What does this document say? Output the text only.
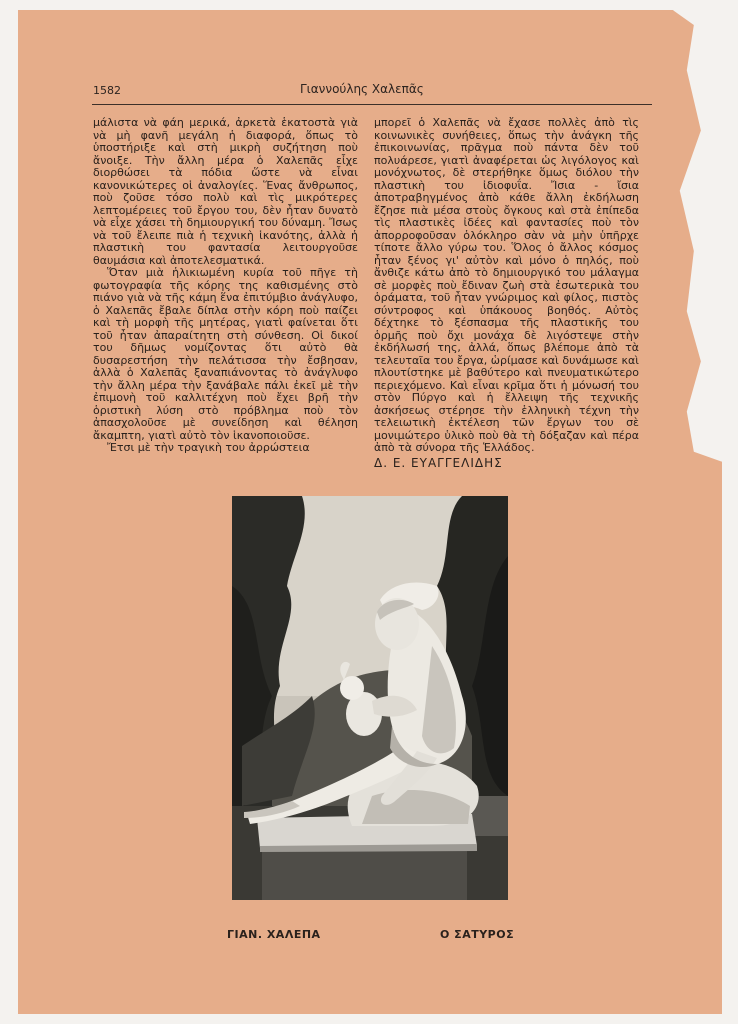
1582	Γιαννούλης Χαλεπᾶς

μάλιστα νὰ φάη μερικά, ἀρκετὰ ἑκατοστὰ γιὰ νὰ μὴ φανῆ μεγάλη ἡ διαφορά, ὅπως τὸ ὑποστήριξε καὶ στὴ μικρὴ συζήτηση ποὺ ἄνοιξε. Τὴν ἄλλη μέρα ὁ Χαλεπᾶς εἶχε διορθώσει τὰ πόδια ὥστε νὰ εἶναι κανονικώτερες οἱ ἀναλογίες. Ἕνας ἄνθρωπος, ποὺ ζοῦσε τόσο πολὺ καὶ τὶς μικρότερες λεπτομέρειες τοῦ ἔργου του, δὲν ἦταν δυνατὸ νὰ εἶχε χάσει τὴ δημιουργική του δύναμη. Ἴσως νὰ τοῦ ἔλειπε πιὰ ἡ τεχνικὴ ἱκανότης, ἀλλὰ ἡ πλαστικὴ του φαντασία λειτουργοῦσε θαυμάσια καὶ ἀποτελεσματικά.

Ὅταν μιὰ ἡλικιωμένη κυρία τοῦ πῆγε τὴ φωτογραφία τῆς κόρης της καθισμένης στὸ πιάνο γιὰ νὰ τῆς κάμη ἕνα ἐπιτύμβιο ἀνάγλυφο, ὁ Χαλεπᾶς ἔβαλε δίπλα στὴν κόρη ποὺ παίζει καὶ τὴ μορφὴ τῆς μητέρας, γιατὶ φαίνεται ὅτι τοῦ ἦταν ἀπαραίτητη στὴ σύνθεση. Οἱ δικοί του δῆμως νομίζοντας ὅτι αὐτὸ θὰ δυσαρεστήση τὴν πελάτισσα τὴν ἔσβησαν, ἀλλὰ ὁ Χαλεπᾶς ξαναπιάνοντας τὸ ἀνάγλυφο τὴν ἄλλη μέρα τὴν ξανάβαλε πάλι ἐκεῖ μὲ τὴν ἐπιμονὴ τοῦ καλλιτέχνη ποὺ ἔχει βρῆ τὴν ὁριστικὴ λύση στὸ πρόβλημα ποὺ τὸν ἀπασχολοῦσε μὲ συνείδηση καὶ θέληση ἄκαμπτη, γιατὶ αὐτὸ τὸν ἱκανοποιοῦσε.

Ἔτσι μὲ τὴν τραγικὴ του ἀρρώστεια

μπορεῖ ὁ Χαλεπᾶς νὰ ἔχασε πολλὲς ἀπὸ τὶς κοινωνικὲς συνήθειες, ὅπως τὴν ἀνάγκη τῆς ἐπικοινωνίας, πρᾶγμα ποὺ πάντα δὲν τοῦ πολυάρεσε, γιατὶ ἀναφέρεται ὡς λιγόλογος καὶ μονόχνωτος, δὲ στερήθηκε ὅμως διόλου τὴν πλαστικὴ του ἰδιοφυΐα. Ἴσια - ἴσια ἀποτραβηγμένος ἀπὸ κάθε ἄλλη ἐκδήλωση ἔζησε πιὰ μέσα στοὺς ὄγκους καὶ στὰ ἐπίπεδα τὶς πλαστικὲς ἰδέες καὶ φαντασίες ποὺ τὸν ἀπορροφοῦσαν ὁλόκληρο σὰν νὰ μὴν ὑπῆρχε τίποτε ἄλλο γύρω του. Ὅλος ὁ ἄλλος κόσμος ἦταν ξένος γι' αὐτὸν καὶ μόνο ὁ πηλός, ποὺ ἄνθιζε κάτω ἀπὸ τὸ δημιουργικό του μάλαγμα σὲ μορφὲς ποὺ ἔδιναν ζωὴ στὰ ἐσωτερικὰ του ὁράματα, τοῦ ἦταν γνώριμος καὶ φίλος, πιστὸς σύντροφος καὶ ὑπάκουος βοηθός. Αὐτὸς δέχτηκε τὸ ξέσπασμα τῆς πλαστικῆς του ὁρμῆς ποὺ ὄχι μονάχα δὲ λιγόστεψε στὴν ἐκδήλωσή της, ἀλλά, ὅπως βλέπομε ἀπὸ τὰ τελευταῖα του ἔργα, ὡρίμασε καὶ δυνάμωσε καὶ πλουτίστηκε μὲ βαθύτερο καὶ πνευματικώτερο περιεχόμενο. Καὶ εἶναι κρῖμα ὅτι ἡ μόνωσή του στὸν Πύργο καὶ ἡ ἔλλειψη τῆς τεχνικῆς ἀσκήσεως στέρησε τὴν ἑλληνικὴ τέχνη τὴν τελειωτικὴ ἐκτέλεση τῶν ἔργων του σὲ μονιμώτερο ὑλικὸ ποὺ θὰ τὴ δόξαζαν καὶ πέρα ἀπὸ τὰ σύνορα τῆς Ἑλλάδος.

Δ. Ε. ΕΥΑΓΓΕΛΙΔΗΣ

ΓΙΑΝ. ΧΑΛΕΠΑ	Ο ΣΑΤΥΡΟΣ
